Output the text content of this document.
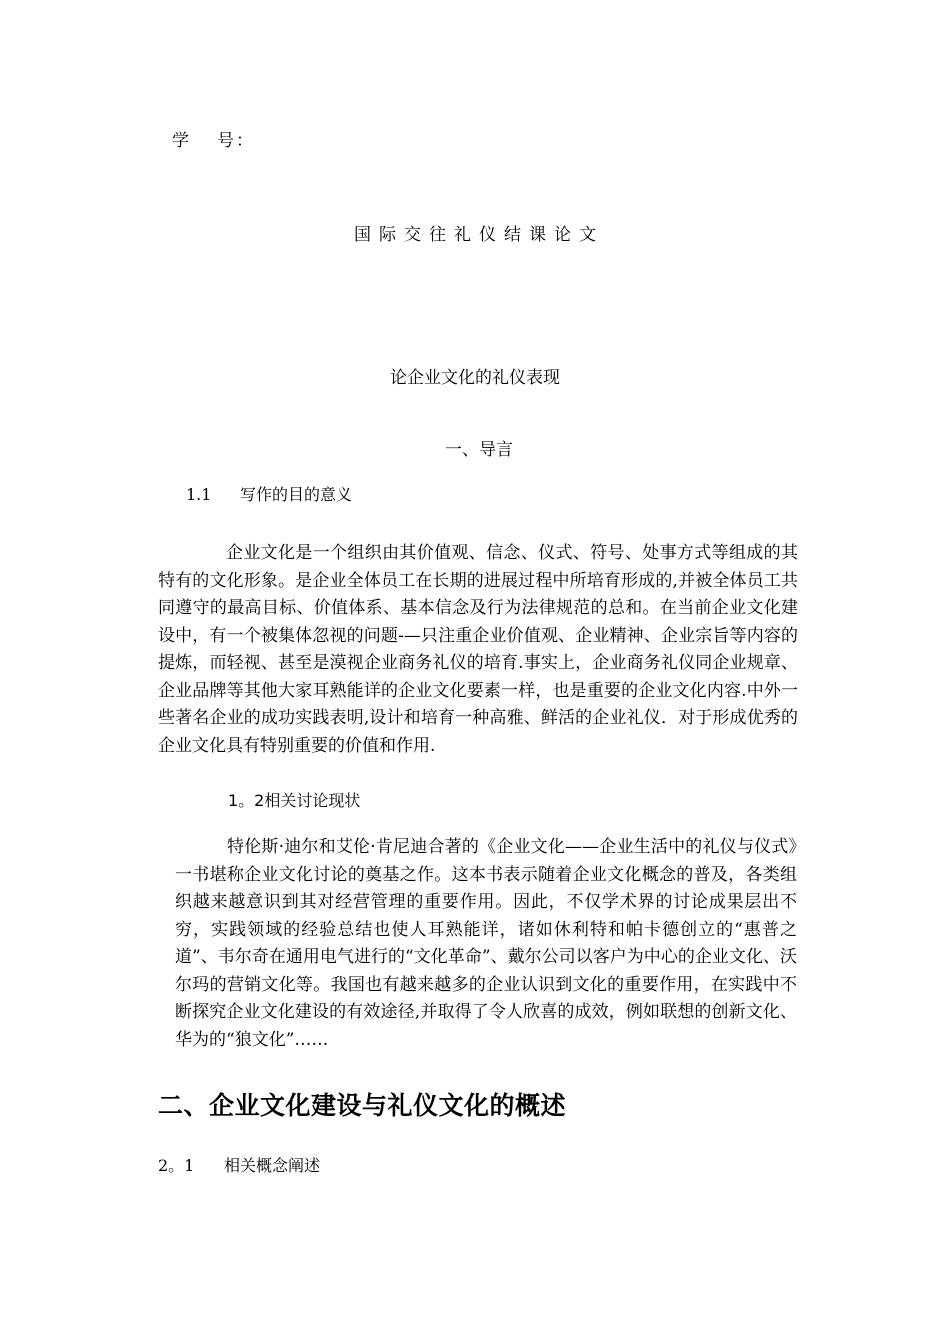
学 号：
国际交往礼仪结课论文
论企业文化的礼仪表现
一、导言
1.1 写作的目的意义
企业文化是一个组织由其价值观、信念、仪式、符号、处事方式等组成的其特有的文化形象。是企业全体员工在长期的进展过程中所培育形成的,并被全体员工共同遵守的最高目标、价值体系、基本信念及行为法律规范的总和。在当前企业文化建设中，有一个被集体忽视的问题-—只注重企业价值观、企业精神、企业宗旨等内容的提炼，而轻视、甚至是漠视企业商务礼仪的培育.事实上，企业商务礼仪同企业规章、企业品牌等其他大家耳熟能详的企业文化要素一样，也是重要的企业文化内容.中外一些著名企业的成功实践表明,设计和培育一种高雅、鲜活的企业礼仪．对于形成优秀的企业文化具有特别重要的价值和作用.
1。2相关讨论现状
特伦斯·迪尔和艾伦·肯尼迪合著的《企业文化——企业生活中的礼仪与仪式》一书堪称企业文化讨论的奠基之作。这本书表示随着企业文化概念的普及，各类组织越来越意识到其对经营管理的重要作用。因此，不仅学术界的讨论成果层出不穷，实践领域的经验总结也使人耳熟能详，诸如休利特和帕卡德创立的“惠普之道”、韦尔奇在通用电气进行的“文化革命”、戴尔公司以客户为中心的企业文化、沃尔玛的营销文化等。我国也有越来越多的企业认识到文化的重要作用，在实践中不断探究企业文化建设的有效途径,并取得了令人欣喜的成效，例如联想的创新文化、华为的“狼文化”……
二、企业文化建设与礼仪文化的概述
2。1 相关概念阐述
